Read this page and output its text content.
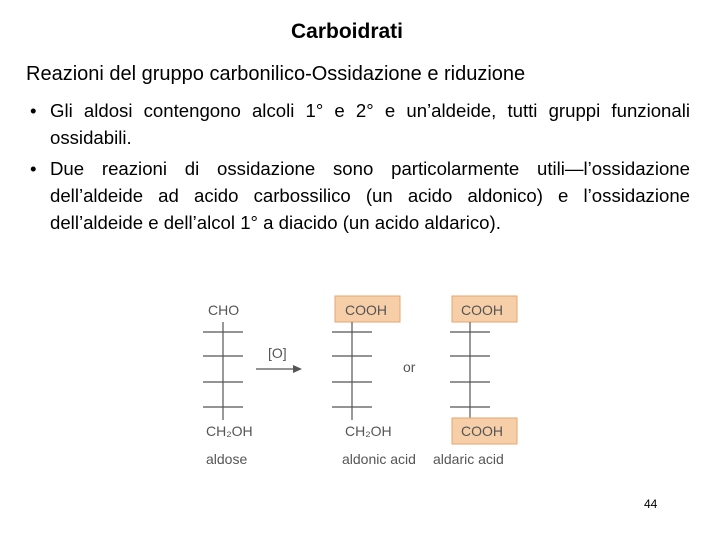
Carboidrati
Reazioni del gruppo carbonilico-Ossidazione e riduzione
• Gli aldosi contengono alcoli 1° e 2° e un’aldeide, tutti gruppi funzionali ossidabili.
• Due reazioni di ossidazione sono particolarmente utili—l’ossidazione dell’aldeide ad acido carbossilico (un acido aldonico) e l’ossidazione dell’aldeide e dell’alcol 1° a diacido (un acido aldarico).
CHO
CH₂OH
aldose
[O]
COOH
CH₂OH
aldonic acid
or
COOH
COOH
aldaric acid
44
